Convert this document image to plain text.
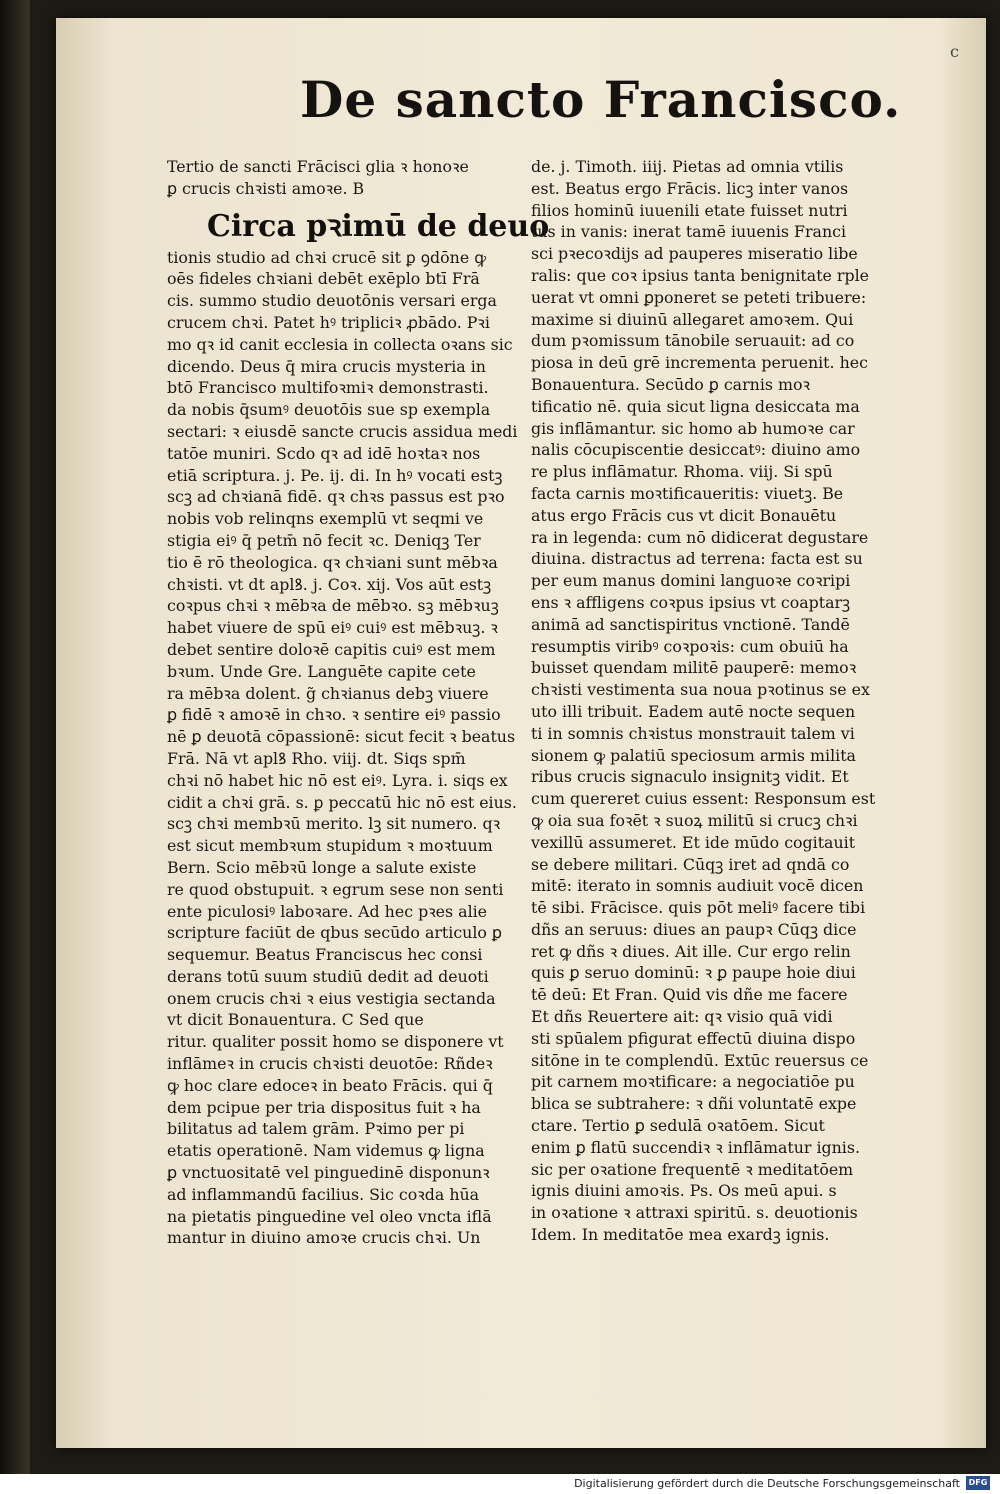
c
De sancto Francisco.
Tertio de sancti Frācisci glia ꝛ honoꝛe
ꝑ crucis chꝛisti amoꝛe. B
Circa pꝛimū de deuo
tionis studio ad chꝛi crucē sit ꝑ ꝯdōne ꝙ
oēs fideles chꝛiani debēt exēplo btī Frā
cis. summo studio deuotōnis versari erga
crucem chꝛi. Patet hꝰ tripliciꝛ ꝓbādo. Pꝛi
mo qꝛ id canit ecclesia in collecta oꝛans sic
dicendo. Deus q̄ mira crucis mysteria in
btō Francisco multifoꝛmiꝛ demonstrasti.
da nobis q̄sumꝰ deuotōis sue sp exempla
sectari: ꝛ eiusdē sancte crucis assidua medi
tatōe muniri. Scdo qꝛ ad idē hoꝛtaꝛ nos
etiā scriptura. j. Pe. ij. di. In hꝰ vocati estꝫ
scꝫ ad chꝛianā fidē. qꝛ chꝛs passus est pꝛo
nobis vob relinqns exemplū vt seqmi ve
stigia eiꝰ q̄ petm̄ nō fecit ꝛc. Deniqꝫ Ter
tio ē rō theologica. qꝛ chꝛiani sunt mēbꝛa
chꝛisti. vt dt aplꝸ. j. Coꝛ. xij. Vos aūt estꝫ
coꝛpus chꝛi ꝛ mēbꝛa de mēbꝛo. sꝫ mēbꝛuꝫ
habet viuere de spū eiꝰ cuiꝰ est mēbꝛuꝫ. ꝛ
debet sentire doloꝛē capitis cuiꝰ est mem
bꝛum. Unde Gre. Languēte capite cete
ra mēbꝛa dolent. g̃ chꝛianus debꝫ viuere
ꝑ fidē ꝛ amoꝛē in chꝛo. ꝛ sentire eiꝰ passio
nē ꝑ deuotā cōpassionē: sicut fecit ꝛ beatus
Frā. Nā vt aplꝸ Rho. viij. dt. Siqs spm̄
chꝛi nō habet hic nō est eiꝰ. Lyra. i. siqs ex
cidit a chꝛi grā. s. ꝑ peccatū hic nō est eius.
scꝫ chꝛi membꝛū merito. lꝫ sit numero. qꝛ
est sicut membꝛum stupidum ꝛ moꝛtuum
Bern. Scio mēbꝛū longe a salute existe
re quod obstupuit. ꝛ egrum sese non senti
ente piculosiꝰ laboꝛare. Ad hec pꝛes alie
scripture faciūt de qbus secūdo articulo ꝑ
sequemur. Beatus Franciscus hec consi
derans totū suum studiū dedit ad deuoti
onem crucis chꝛi ꝛ eius vestigia sectanda
vt dicit Bonauentura. C Sed que
ritur. qualiter possit homo se disponere vt
inflāmeꝛ in crucis chꝛisti deuotōe: Rñdeꝛ
ꝙ hoc clare edoceꝛ in beato Frācis. qui q̄
dem pcipue per tria dispositus fuit ꝛ ha
bilitatus ad talem grām. Pꝛimo per pi
etatis operationē. Nam videmus ꝙ ligna
ꝑ vnctuositatē vel pinguedinē disponunꝛ
ad inflammandū facilius. Sic coꝛda hūa
na pietatis pinguedine vel oleo vncta iflā
mantur in diuino amoꝛe crucis chꝛi. Un
de. j. Timoth. iiij. Pietas ad omnia vtilis
est. Beatus ergo Frācis. licꝫ inter vanos
filios hominū iuuenili etate fuisset nutri
tus in vanis: inerat tamē iuuenis Franci
sci pꝛecoꝛdijs ad pauperes miseratio libe
ralis: que coꝛ ipsius tanta benignitate rple
uerat vt omni ꝑponeret se peteti tribuere:
maxime si diuinū allegaret amoꝛem. Qui
dum pꝛomissum tānobile seruauit: ad co
piosa in deū grē incrementa peruenit. hec
Bonauentura. Secūdo ꝑ carnis moꝛ
tificatio nē. quia sicut ligna desiccata ma
gis inflāmantur. sic homo ab humoꝛe car
nalis cōcupiscentie desiccatꝰ: diuino amo
re plus inflāmatur. Rhoma. viij. Si spū
facta carnis moꝛtificaueritis: viuetꝫ. Be
atus ergo Frācis cus vt dicit Bonauētu
ra in legenda: cum nō didicerat degustare
diuina. distractus ad terrena: facta est su
per eum manus domini languoꝛe coꝛripi
ens ꝛ affligens coꝛpus ipsius vt coaptarꝫ
animā ad sanctispiritus vnctionē. Tandē
resumptis viribꝰ coꝛpoꝛis: cum obuiū ha
buisset quendam militē pauperē: memoꝛ
chꝛisti vestimenta sua noua pꝛotinus se ex
uto illi tribuit. Eadem autē nocte sequen
ti in somnis chꝛistus monstrauit talem vi
sionem ꝙ palatiū speciosum armis milita
ribus crucis signaculo insignitꝫ vidit. Et
cum quereret cuius essent: Responsum est
ꝙ oia sua foꝛēt ꝛ suoꝝ militū si crucꝫ chꝛi
vexillū assumeret. Et ide mūdo cogitauit
se debere militari. Cūqꝫ iret ad qndā co
mitē: iterato in somnis audiuit vocē dicen
tē sibi. Frācisce. quis pōt meliꝰ facere tibi
dñs an seruus: diues an paupꝛ Cūqꝫ dice
ret ꝙ dñs ꝛ diues. Ait ille. Cur ergo relin
quis ꝑ seruo dominū: ꝛ ꝑ paupe hoie diui
tē deū: Et Fran. Quid vis dñe me facere
Et dñs Reuertere ait: qꝛ visio quā vidi
sti spūalem pfigurat effectū diuina dispo
sitōne in te complendū. Extūc reuersus ce
pit carnem moꝛtificare: a negociatiōe pu
blica se subtrahere: ꝛ dñi voluntatē expe
ctare. Tertio ꝑ sedulā oꝛatōem. Sicut
enim ꝑ flatū succendiꝛ ꝛ inflāmatur ignis.
sic per oꝛatione frequentē ꝛ meditatōem
ignis diuini amoꝛis. Ps. Os meū apui. s
in oꝛatione ꝛ attraxi spiritū. s. deuotionis
Idem. In meditatōe mea exardꝫ ignis.
Digitalisierung gefördert durch die Deutsche Forschungsgemeinschaft	DFG
